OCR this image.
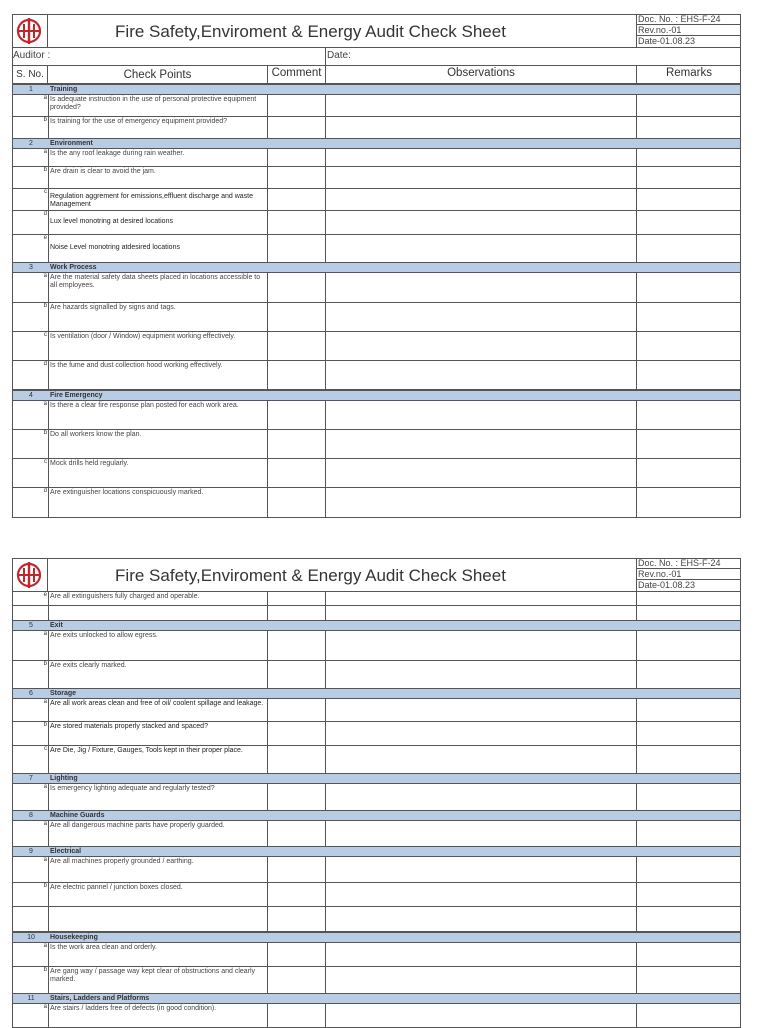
Fire Safety,Enviroment & Energy Audit Check Sheet
Doc. No. : EHS-F-24
Rev.no.-01
Date-01.08.23
Auditor :	Date:
S. No.	Check Points	Comment	Observations	Remarks
1	Training
a Is adequate instruction in the use of personal protective equipment provided?
b Is training for the use of emergency equipment provided?
2	Environment
a Is the any roof leakage during rain weather.
b Are drain is clear to avoid the jam.
c
Regulation aggrement for emissions,effluent discharge and waste Management
d
Lux level monotring at desired locations
e
Noise Level monotring atdesired locations
3	Work Process
a Are the material safety data sheets placed in locations accessible to all employees.
b Are hazards signalled by signs and tags.
c Is ventilation (door / Window) equipment working effectively.
d Is the fume and dust collection hood working effectively.
4	Fire Emergency
a Is there a clear fire response plan posted for each work area.
b Do all workers know the plan.
c Mock drills held regularly.
d Are extinguisher locations conspicuously marked.
Fire Safety,Enviroment & Energy Audit Check Sheet
Doc. No. : EHS-F-24
Rev.no.-01
Date-01.08.23
e Are all extinguishers fully charged and operable.
5	Exit
a Are exits unlocked to allow egress.
b Are exits clearly marked.
6	Storage
a Are all work areas clean and free of oil/ coolent spillage and leakage.
b Are stored materials properly stacked and spaced?
c Are Die, Jig / Fixture, Gauges, Tools kept in their proper place.
7	Lighting
a Is emergency lighting adequate and regularly tested?
8	Machine Guards
a Are all dangerous machine parts have properly guarded.
9	Electrical
a Are all machines properly grounded / earthing.
b Are electric pannel / junction boxes closed.
10	Housekeeping
a Is the work area clean and orderly.
b Are gang way / passage way kept clear of obstructions and clearly marked.
11	Stairs, Ladders and Platforms
a Are stairs / ladders free of defects (in good condition).
